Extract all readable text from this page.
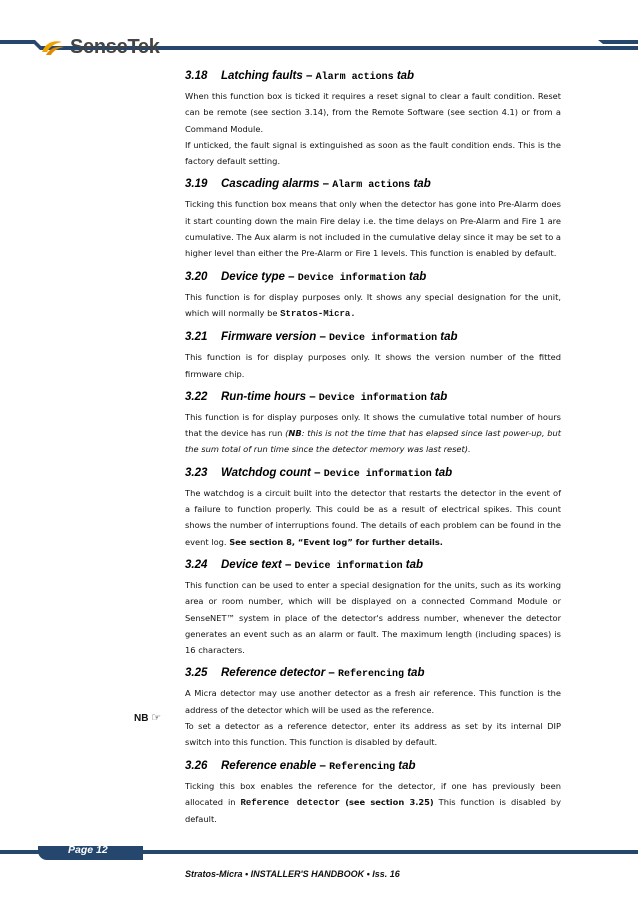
SenseTek
3.18 Latching faults – Alarm actions tab

When this function box is ticked it requires a reset signal to clear a fault condition. Reset can be remote (see section 3.14), from the Remote Software (see section 4.1) or from a Command Module.

If unticked, the fault signal is extinguished as soon as the fault condition ends. This is the factory default setting.

3.19 Cascading alarms – Alarm actions tab

Ticking this function box means that only when the detector has gone into Pre-Alarm does it start counting down the main Fire delay i.e. the time delays on Pre-Alarm and Fire 1 are cumulative. The Aux alarm is not included in the cumulative delay since it may be set to a higher level than either the Pre-Alarm or Fire 1 levels. This function is enabled by default.

3.20 Device type – Device information tab

This function is for display purposes only. It shows any special designation for the unit, which will normally be Stratos-Micra.

3.21 Firmware version – Device information tab

This function is for display purposes only. It shows the version number of the fitted firmware chip.

3.22 Run-time hours – Device information tab

This function is for display purposes only. It shows the cumulative total number of hours that the device has run (NB: this is not the time that has elapsed since last power-up, but the sum total of run time since the detector memory was last reset).

3.23 Watchdog count – Device information tab

The watchdog is a circuit built into the detector that restarts the detector in the event of a failure to function properly. This could be as a result of electrical spikes. This count shows the number of interruptions found. The details of each problem can be found in the event log. See section 8, “Event log” for further details.

3.24 Device text – Device information tab

This function can be used to enter a special designation for the units, such as its working area or room number, which will be displayed on a connected Command Module or SenseNET™ system in place of the detector's address number, whenever the detector generates an event such as an alarm or fault. The maximum length (including spaces) is 16 characters.

3.25 Reference detector – Referencing tab

A Micra detector may use another detector as a fresh air reference. This function is the address of the detector which will be used as the reference.

To set a detector as a reference detector, enter its address as set by its internal DIP switch into this function. This function is disabled by default.

3.26 Reference enable – Referencing tab

Ticking this box enables the reference for the detector, if one has previously been allocated in Reference detector (see section 3.25) This function is disabled by default.

NB ☞
Page 12
Stratos-Micra • INSTALLER'S HANDBOOK • Iss. 16
